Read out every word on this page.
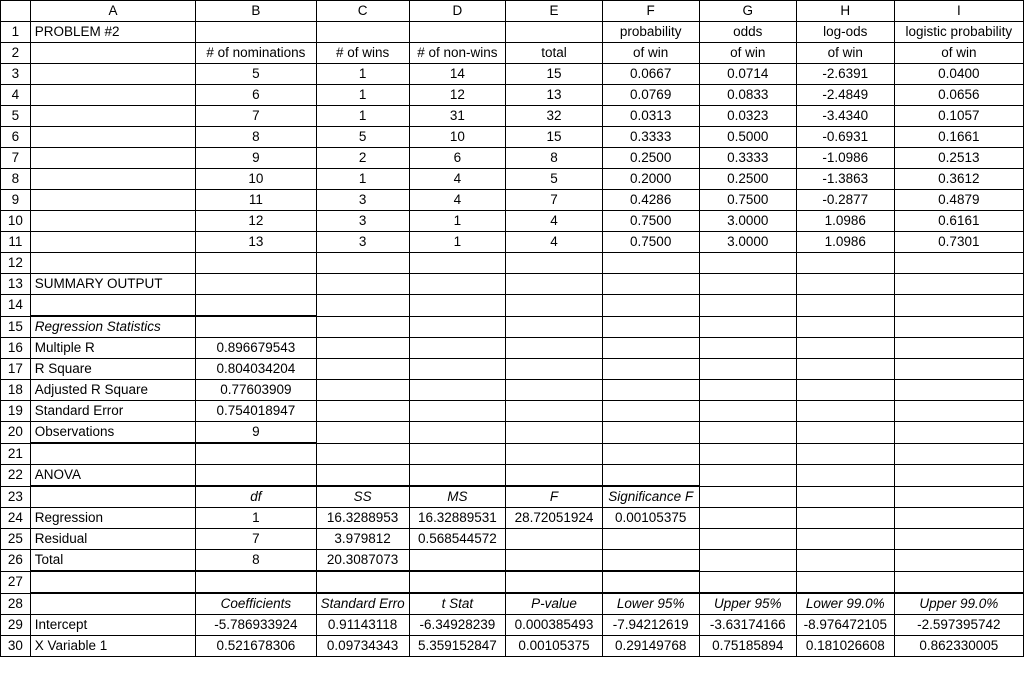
	A	B	C	D	E	F	G	H	I
1	PROBLEM #2					probability	odds	log-ods	logistic probability
2		# of nominations	# of wins	# of non-wins	total	of win	of win	of win	of win
3		5	1	14	15	0.0667	0.0714	-2.6391	0.0400
4		6	1	12	13	0.0769	0.0833	-2.4849	0.0656
5		7	1	31	32	0.0313	0.0323	-3.4340	0.1057
6		8	5	10	15	0.3333	0.5000	-0.6931	0.1661
7		9	2	6	8	0.2500	0.3333	-1.0986	0.2513
8		10	1	4	5	0.2000	0.2500	-1.3863	0.3612
9		11	3	4	7	0.4286	0.7500	-0.2877	0.4879
10		12	3	1	4	0.7500	3.0000	1.0986	0.6161
11		13	3	1	4	0.7500	3.0000	1.0986	0.7301
12									
13	SUMMARY OUTPUT								
14									
15	Regression Statistics								
16	Multiple R	0.896679543							
17	R Square	0.804034204							
18	Adjusted R Square	0.77603909							
19	Standard Error	0.754018947							
20	Observations	9							
21									
22	ANOVA								
23		df	SS	MS	F	Significance F			
24	Regression	1	16.3288953	16.32889531	28.72051924	0.00105375			
25	Residual	7	3.979812	0.568544572					
26	Total	8	20.3087073						
27									
28		Coefficients	Standard Erro	t Stat	P-value	Lower 95%	Upper 95%	Lower 99.0%	Upper 99.0%
29	Intercept	-5.786933924	0.91143118	-6.34928239	0.000385493	-7.94212619	-3.63174166	-8.976472105	-2.597395742
30	X Variable 1	0.521678306	0.09734343	5.359152847	0.00105375	0.29149768	0.75185894	0.181026608	0.862330005
